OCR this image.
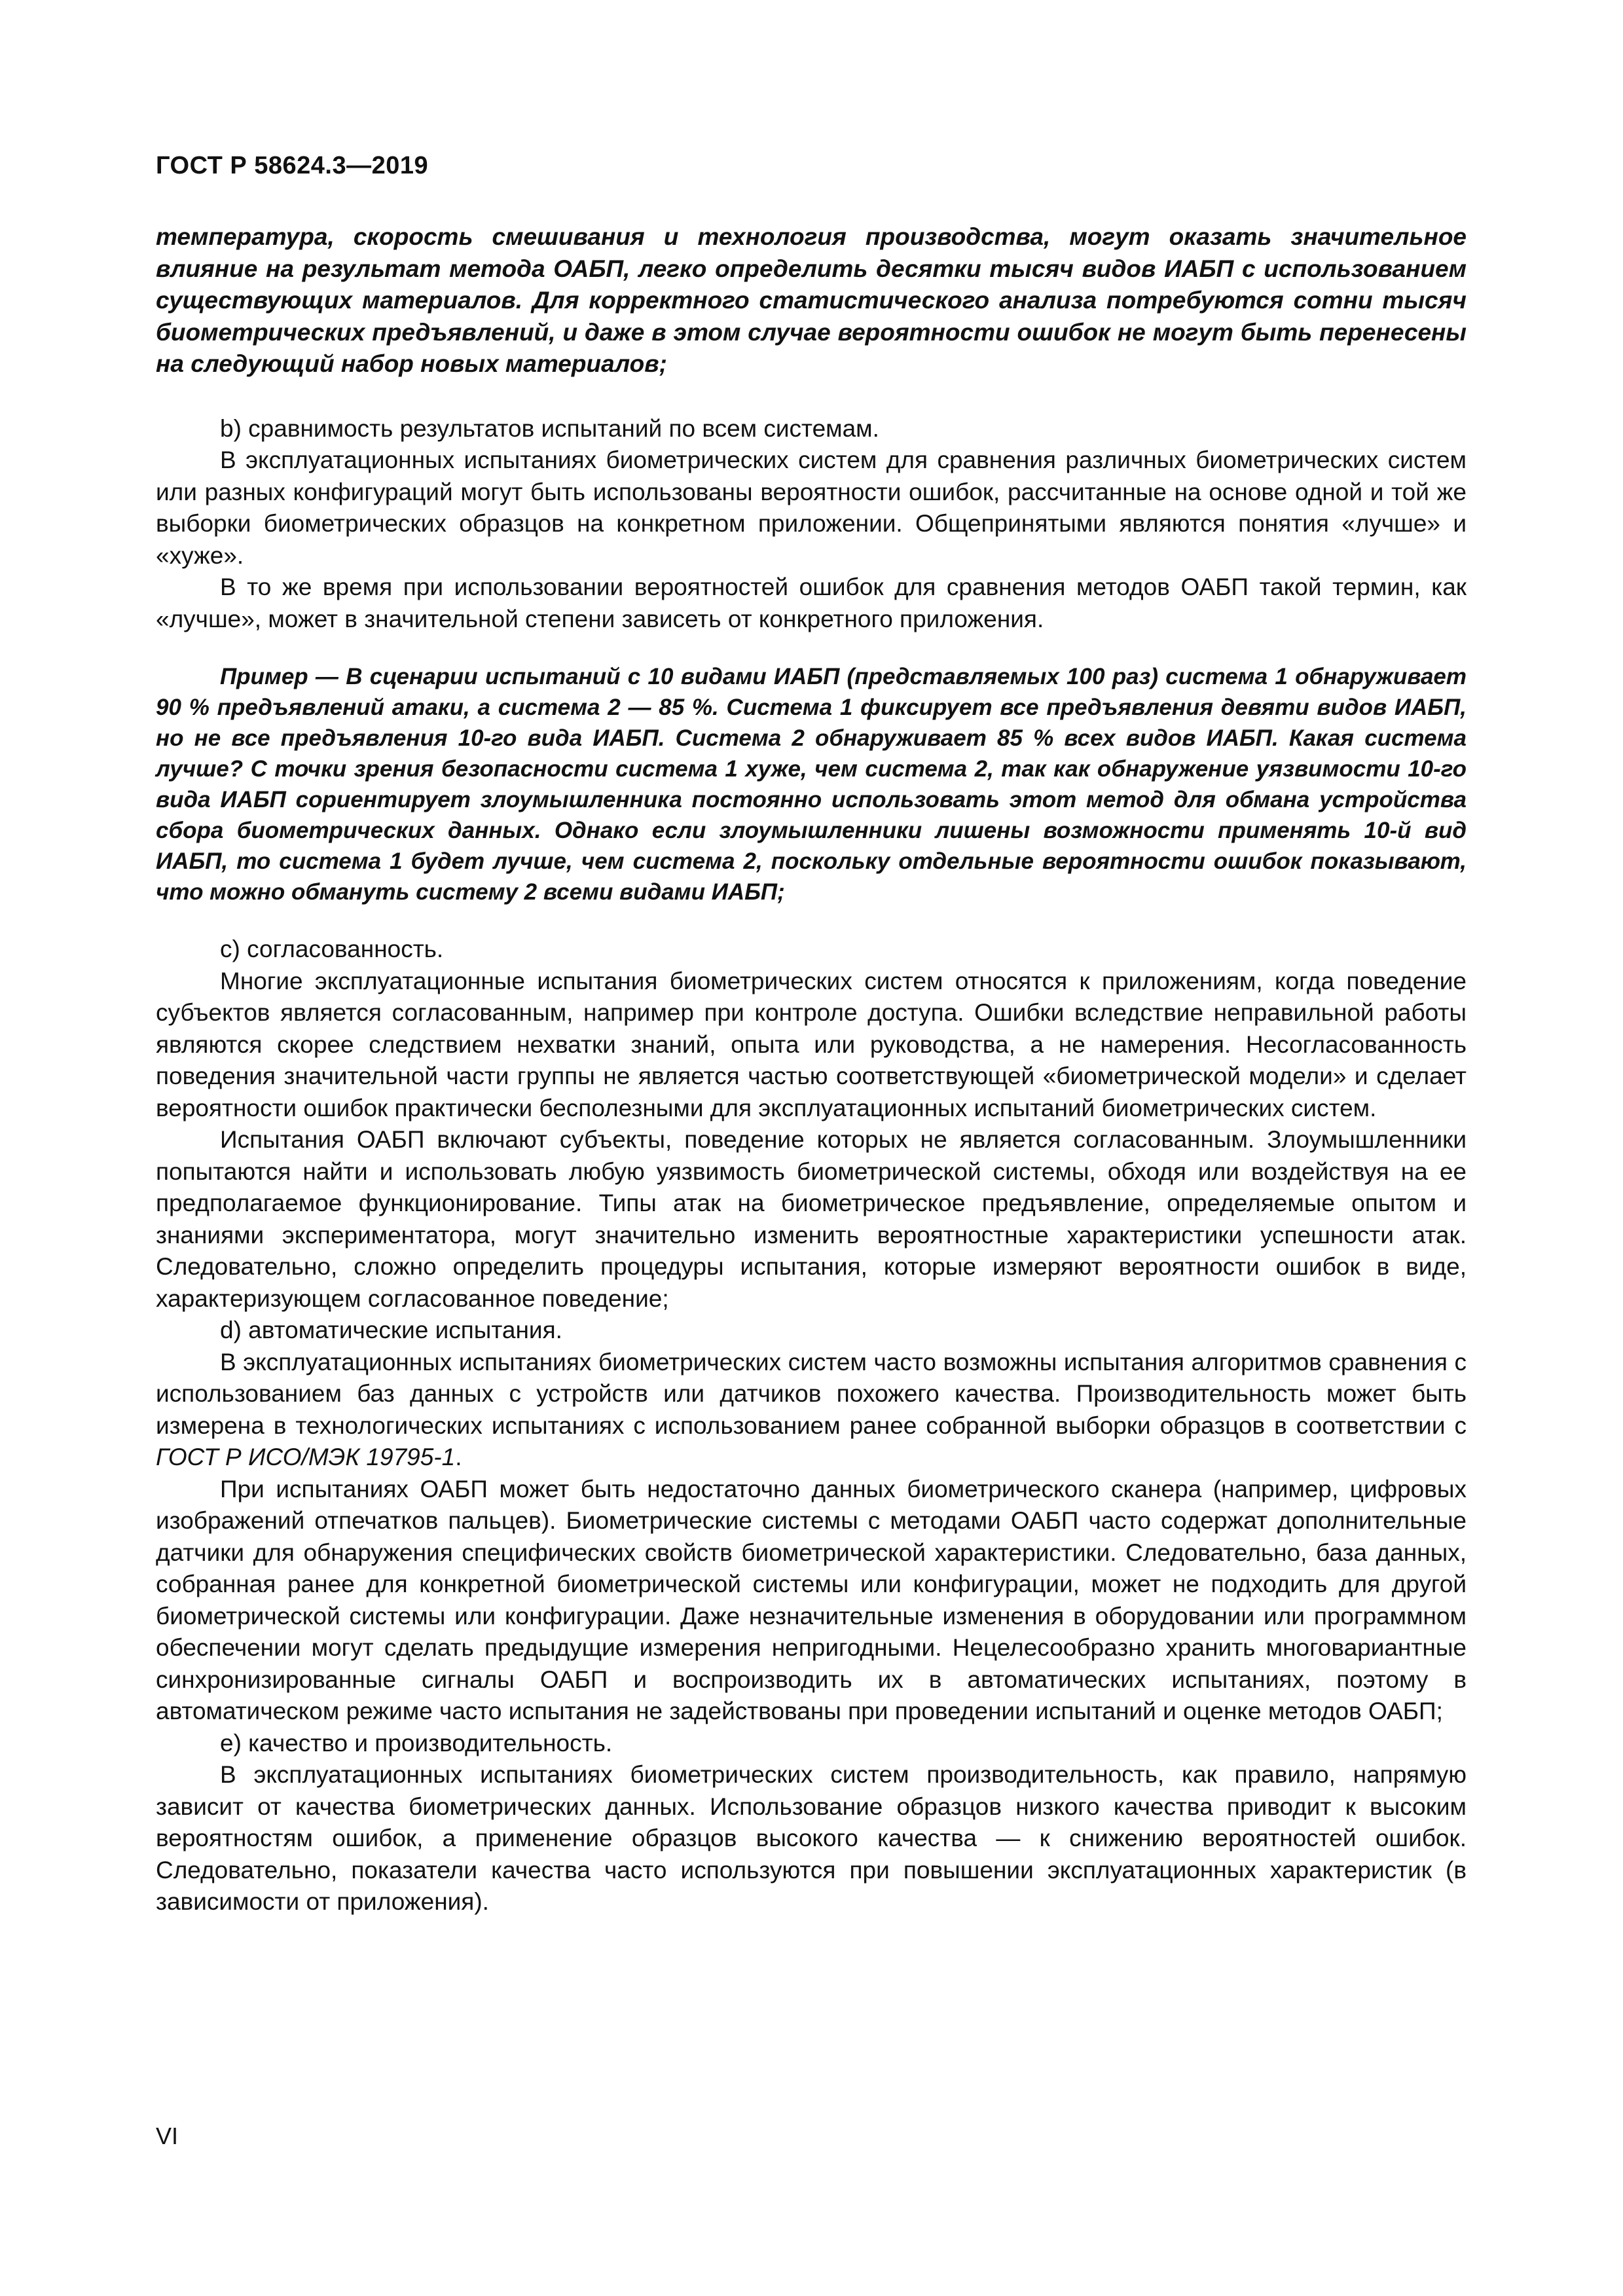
ГОСТ Р 58624.3—2019

температура, скорость смешивания и технология производства, могут оказать значительное влияние на результат метода ОАБП, легко определить десятки тысяч видов ИАБП с использованием существующих материалов. Для корректного статистического анализа потребуются сотни тысяч биометрических предъявлений, и даже в этом случае вероятности ошибок не могут быть перенесены на следующий набор новых материалов;

b) сравнимость результатов испытаний по всем системам.

В эксплуатационных испытаниях биометрических систем для сравнения различных биометрических систем или разных конфигураций могут быть использованы вероятности ошибок, рассчитанные на основе одной и той же выборки биометрических образцов на конкретном приложении. Общепринятыми являются понятия «лучше» и «хуже».

В то же время при использовании вероятностей ошибок для сравнения методов ОАБП такой термин, как «лучше», может в значительной степени зависеть от конкретного приложения.

Пример — В сценарии испытаний с 10 видами ИАБП (представляемых 100 раз) система 1 обнаруживает 90 % предъявлений атаки, а система 2 — 85 %. Система 1 фиксирует все предъявления девяти видов ИАБП, но не все предъявления 10-го вида ИАБП. Система 2 обнаруживает 85 % всех видов ИАБП. Какая система лучше? С точки зрения безопасности система 1 хуже, чем система 2, так как обнаружение уязвимости 10-го вида ИАБП сориентирует злоумышленника постоянно использовать этот метод для обмана устройства сбора биометрических данных. Однако если злоумышленники лишены возможности применять 10-й вид ИАБП, то система 1 будет лучше, чем система 2, поскольку отдельные вероятности ошибок показывают, что можно обмануть систему 2 всеми видами ИАБП;

c) согласованность.

Многие эксплуатационные испытания биометрических систем относятся к приложениям, когда поведение субъектов является согласованным, например при контроле доступа. Ошибки вследствие неправильной работы являются скорее следствием нехватки знаний, опыта или руководства, а не намерения. Несогласованность поведения значительной части группы не является частью соответствующей «биометрической модели» и сделает вероятности ошибок практически бесполезными для эксплуатационных испытаний биометрических систем.

Испытания ОАБП включают субъекты, поведение которых не является согласованным. Злоумышленники попытаются найти и использовать любую уязвимость биометрической системы, обходя или воздействуя на ее предполагаемое функционирование. Типы атак на биометрическое предъявление, определяемые опытом и знаниями экспериментатора, могут значительно изменить вероятностные характеристики успешности атак. Следовательно, сложно определить процедуры испытания, которые измеряют вероятности ошибок в виде, характеризующем согласованное поведение;

d) автоматические испытания.

В эксплуатационных испытаниях биометрических систем часто возможны испытания алгоритмов сравнения с использованием баз данных с устройств или датчиков похожего качества. Производительность может быть измерена в технологических испытаниях с использованием ранее собранной выборки образцов в соответствии с ГОСТ Р ИСО/МЭК 19795-1.

При испытаниях ОАБП может быть недостаточно данных биометрического сканера (например, цифровых изображений отпечатков пальцев). Биометрические системы с методами ОАБП часто содержат дополнительные датчики для обнаружения специфических свойств биометрической характеристики. Следовательно, база данных, собранная ранее для конкретной биометрической системы или конфигурации, может не подходить для другой биометрической системы или конфигурации. Даже незначительные изменения в оборудовании или программном обеспечении могут сделать предыдущие измерения непригодными. Нецелесообразно хранить многовариантные синхронизированные сигналы ОАБП и воспроизводить их в автоматических испытаниях, поэтому в автоматическом режиме часто испытания не задействованы при проведении испытаний и оценке методов ОАБП;

e) качество и производительность.

В эксплуатационных испытаниях биометрических систем производительность, как правило, напрямую зависит от качества биометрических данных. Использование образцов низкого качества приводит к высоким вероятностям ошибок, а применение образцов высокого качества — к снижению вероятностей ошибок. Следовательно, показатели качества часто используются при повышении эксплуатационных характеристик (в зависимости от приложения).

VI
